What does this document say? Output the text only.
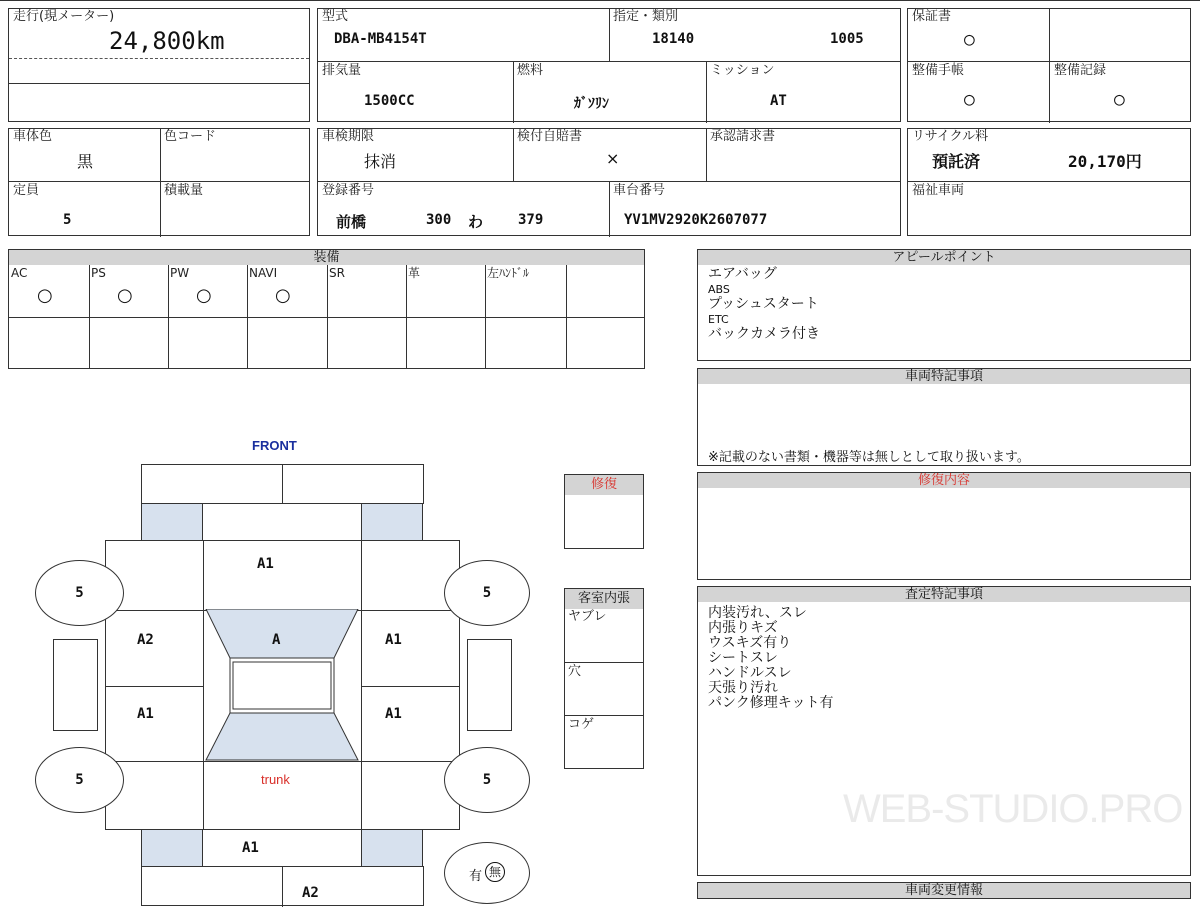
走行(現メーター)
24,800km
型式
DBA-MB4154T
指定・類別
18140	1005
排気量
1500CC
燃料
ｶﾞｿﾘﾝ
ミッション
AT
保証書
○
整備手帳
○
整備記録
○
車体色
黒
色コード
定員
5
積載量
車検期限
抹消
検付自賠書
×
承認請求書
登録番号
前橋	300 わ 379
車台番号
YV1MV2920K2607077
リサイクル料
預託済	20,170円
福祉車両
装備
AC	PS	PW	NAVI	SR	革	左ﾊﾝﾄﾞﾙ
○	○	○	○
アピールポイント
エアバッグ
ABS
プッシュスタート
ETC
バックカメラ付き
車両特記事項
※記載のない書類・機器等は無しとして取り扱います。
修復内容
査定特記事項
内装汚れ、スレ
内張りキズ
ウスキズ有り
シートスレ
ハンドルスレ
天張り汚れ
パンク修理キット有
WEB-STUDIO.PRO
車両変更情報
修復
客室内張
ヤブレ
穴
コゲ
FRONT
A1
A
A2
A1
A1
A1
trunk
5	5
5	5
A1
A2
有 無
